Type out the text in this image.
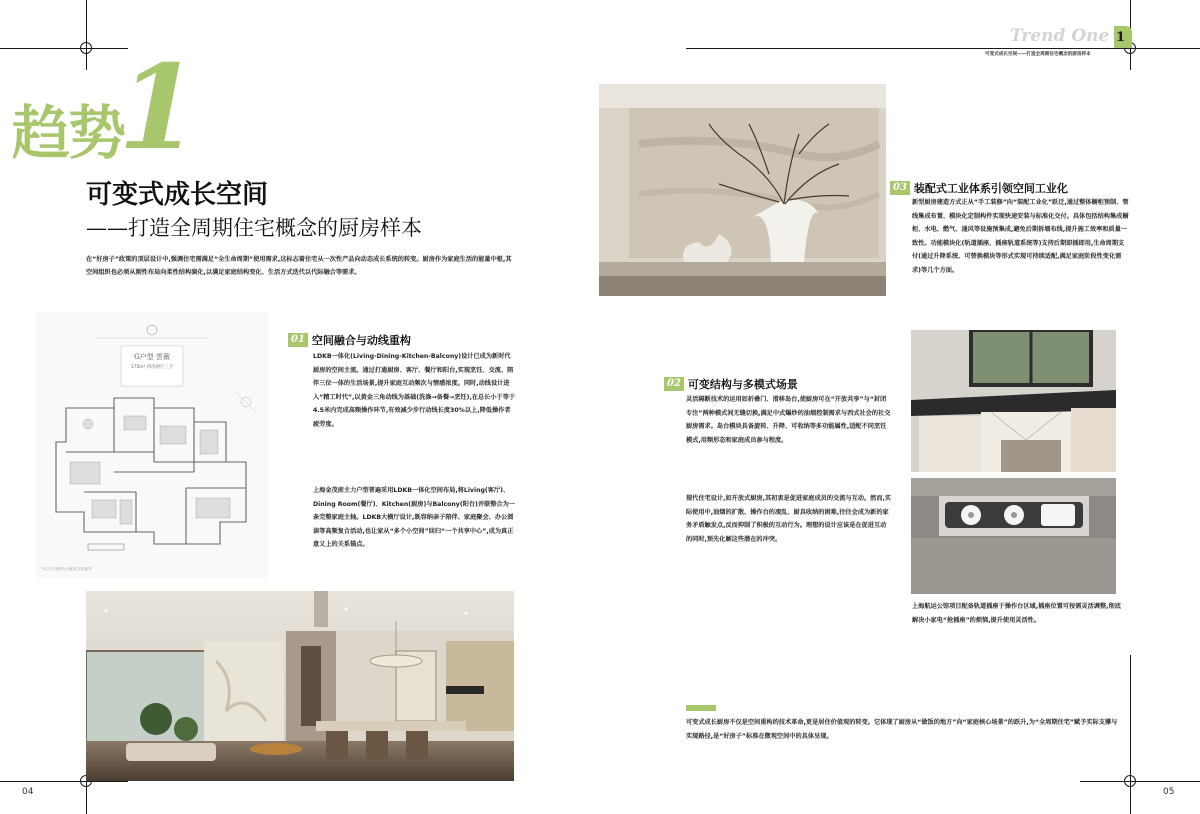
Trend One 1
可变式成长空间——打造全周期住宅概念的厨房样本
趋势
1
可变式成长空间
——打造全周期住宅概念的厨房样本
在“好房子”政策的顶层设计中,强调住宅需满足“全生命周期”使用需求,这标志着住宅从一次性产品向动态成长系统的转变。厨房作为家庭生活的能量中枢,其空间组织也必须从刚性布局向柔性结构演化,以满足家庭结构变化、生活方式迭代以代际融合等需求。
· · · · · · · ·
G户型 雲薇
175m² 四房两厅三卫
*以上户型图为示意图,仅供参考
01 空间融合与动线重构
LDKB一体化(Living-Dining-Kitchen-Balcony)设计已成为新时代厨房的空间主流。通过打通厨房、客厅、餐厅和阳台,实现烹饪、交流、陪伴三位一体的生活场景,提升家庭互动频次与情感浓度。同时,动线设计进入“精工时代”,以黄金三角动线为基础(洗涤→备餐→烹饪),在总长小于等于4.5米内完成高频操作环节,有效减少步行动线长度30%以上,降低操作者疲劳度。
上海金茂前主力户型普遍采用LDKB一体化空间布局,将Living(客厅)、Dining Room(餐厅)、Kitchen(厨房)与Balcony(阳台)并联整合为一条完整家庭主轴。LDKB大横厅设计,既容纳亲子陪伴、家庭聚会、办公阅读等高频复合活动,也让家从“多个小空间”回归“一个共享中心”,成为真正意义上的关系锚点。
03 装配式工业体系引领空间工业化
新型厨房建造方式正从“手工装修”向“装配工业化”跃迁,通过整体橱柜预制、管线集成布置、模块化定制构件实现快速安装与标准化交付。具体包括结构集成橱柜、水电、燃气、通风等设施预集成,避免后期拆墙布线,提升施工效率和质量一致性。功能模块化(轨道插座、插座轨道系统等)支持后期即插即用,生命周期支付(通过升降系统、可替换模块等形式实现可持续适配,满足家庭阶段性变化需求)等几个方面。
上海航运公馆项目配备轨道插座于操作台区域,插座位置可按需灵活调整,彻底解决小家电“抢插座”的烦恼,提升使用灵活性。
02 可变结构与多模式场景
灵活隔断技术的运用如折叠门、滑移岛台,使厨房可在“开放共享”与“封闭专注”两种模式间无缝切换,满足中式爆炒的油烟控制需求与西式社会的社交厨房需求。岛台模块具备旋转、升降、可收纳等多功能属性,适配不同烹饪模式,用频形态和家庭成员参与程度。
现代住宅设计,如开放式厨房,其初衷是促进家庭成员的交流与互动。然而,实际使用中,油烟的扩散、操作台的凌乱、厨具收纳的困难,往往会成为新的家务矛盾触发点,反而抑制了积极的互动行为。理想的设计应该是在促进互动的同时,预先化解这些潜在的冲突。
可变式成长厨房不仅是空间重构的技术革命,更是居住价值观的转变。它体现了厨房从“做饭的地方”向“家庭核心场景”的跃升,为“全周期住宅”赋予实际支撑与实现路径,是“好房子”标准在微观空间中的具体呈现。
04	05
